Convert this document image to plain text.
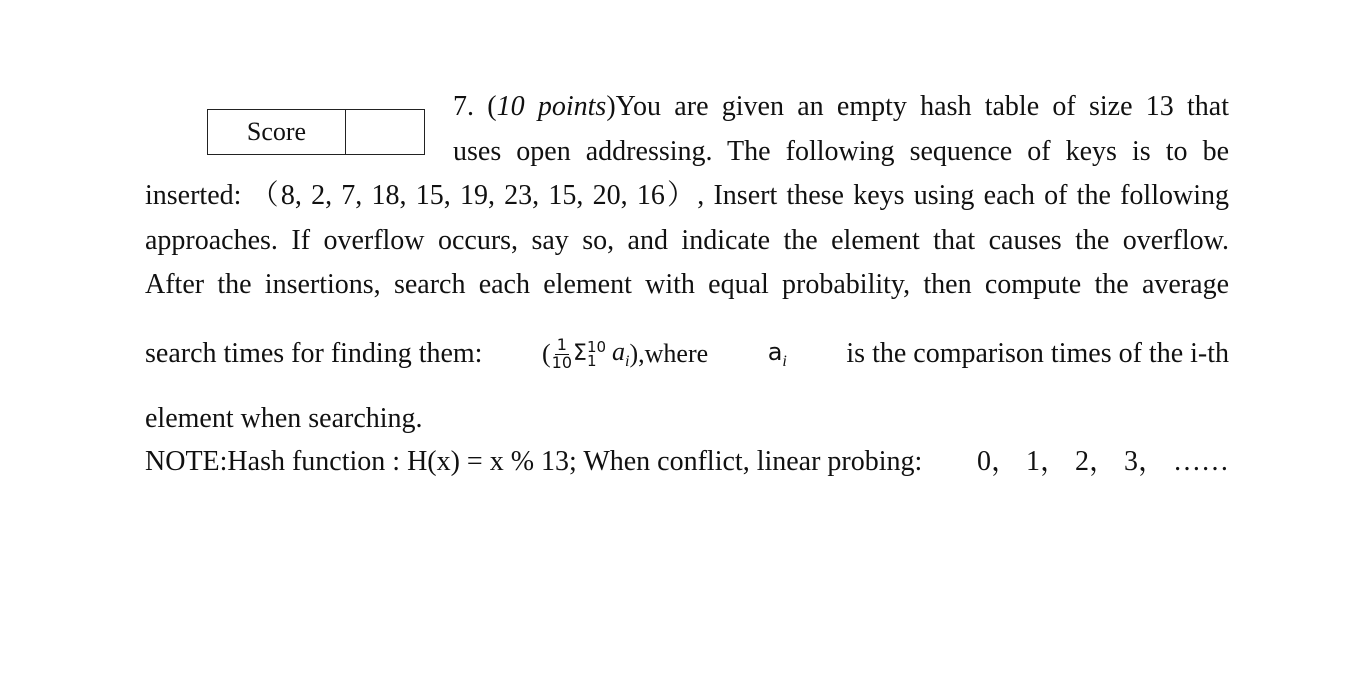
Score
7. (10 points)You are given an empty hash table of size 13 that
uses open addressing. The following sequence of keys is to be
inserted: （8, 2, 7, 18, 15, 19, 23, 15, 20, 16）, Insert these keys using each of the following
approaches. If overflow occurs, say so, and indicate the element that causes the overflow.
After the insertions, search each element with equal probability, then compute the average
search times for finding them: ( $\frac{1}{10}$ Σ 10
1 $a_i$ ),where $a_i$ is the comparison times of the i-th
element when searching.
NOTE:Hash function : H(x) = x % 13; When conflict, linear probing: 0， 1， 2， 3， ……
